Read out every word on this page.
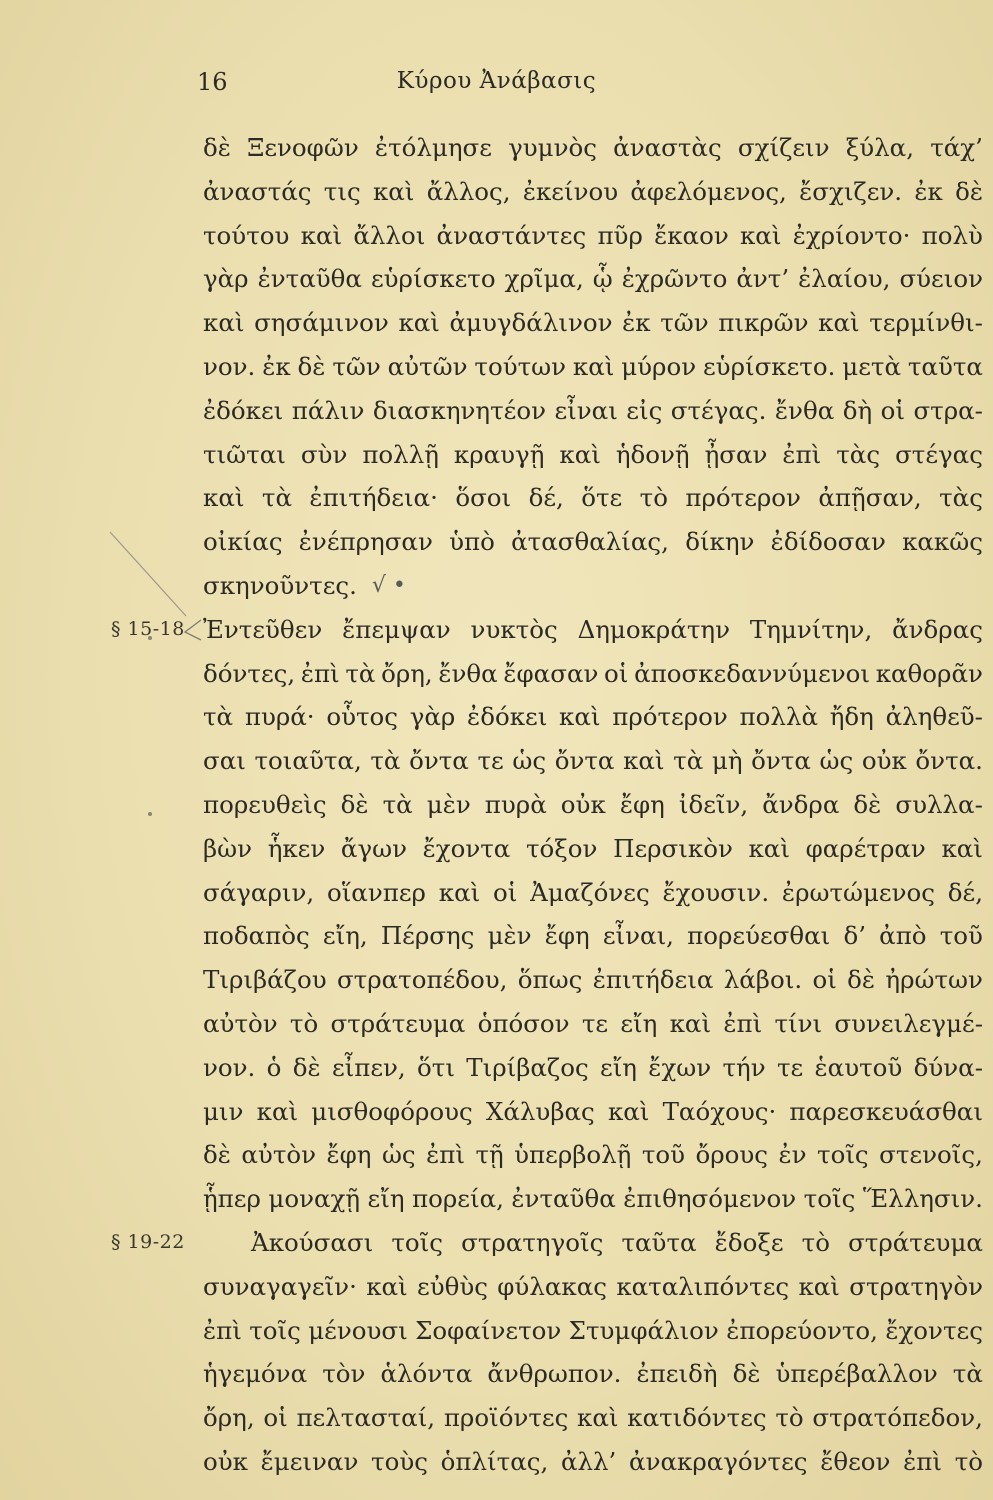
16	Κύρου Ἀνάβασις
δὲ Ξενοφῶν ἐτόλμησε γυμνὸς ἀναστὰς σχίζειν ξύλα, τάχ’
ἀναστάς τις καὶ ἄλλος, ἐκείνου ἀφελόμενος, ἔσχιζεν. ἐκ δὲ
τούτου καὶ ἄλλοι ἀναστάντες πῦρ ἔκαον καὶ ἐχρίοντο· πολὺ
γὰρ ἐνταῦθα εὑρίσκετο χρῖμα, ᾧ ἐχρῶντο ἀντ’ ἐλαίου, σύειον
καὶ σησάμινον καὶ ἀμυγδάλινον ἐκ τῶν πικρῶν καὶ τερμίνθι-
νον. ἐκ δὲ τῶν αὐτῶν τούτων καὶ μύρον εὑρίσκετο. μετὰ ταῦτα
ἐδόκει πάλιν διασκηνητέον εἶναι εἰς στέγας. ἔνθα δὴ οἱ στρα-
τιῶται σὺν πολλῇ κραυγῇ καὶ ἡδονῇ ᾖσαν ἐπὶ τὰς στέγας
καὶ τὰ ἐπιτήδεια· ὅσοι δέ, ὅτε τὸ πρότερον ἀπῇσαν, τὰς
οἰκίας ἐνέπρησαν ὑπὸ ἀτασθαλίας, δίκην ἐδίδοσαν κακῶς
σκηνοῦντες. √ •
§ 15-18 Ἐντεῦθεν ἔπεμψαν νυκτὸς Δημοκράτην Τημνίτην, ἄνδρας
δόντες, ἐπὶ τὰ ὄρη, ἔνθα ἔφασαν οἱ ἀποσκεδαννύμενοι καθορᾶν
τὰ πυρά· οὗτος γὰρ ἐδόκει καὶ πρότερον πολλὰ ἤδη ἀληθεῦ-
σαι τοιαῦτα, τὰ ὄντα τε ὡς ὄντα καὶ τὰ μὴ ὄντα ὡς οὐκ ὄντα.
πορευθεὶς δὲ τὰ μὲν πυρὰ οὐκ ἔφη ἰδεῖν, ἄνδρα δὲ συλλα-
βὼν ἧκεν ἄγων ἔχοντα τόξον Περσικὸν καὶ φαρέτραν καὶ
σάγαριν, οἵανπερ καὶ οἱ Ἀμαζόνες ἔχουσιν. ἐρωτώμενος δέ,
ποδαπὸς εἴη, Πέρσης μὲν ἔφη εἶναι, πορεύεσθαι δ’ ἀπὸ τοῦ
Τιριβάζου στρατοπέδου, ὅπως ἐπιτήδεια λάβοι. οἱ δὲ ἠρώτων
αὐτὸν τὸ στράτευμα ὁπόσον τε εἴη καὶ ἐπὶ τίνι συνειλεγμέ-
νον. ὁ δὲ εἶπεν, ὅτι Τιρίβαζος εἴη ἔχων τήν τε ἑαυτοῦ δύνα-
μιν καὶ μισθοφόρους Χάλυβας καὶ Ταόχους· παρεσκευάσθαι
δὲ αὐτὸν ἔφη ὡς ἐπὶ τῇ ὑπερβολῇ τοῦ ὄρους ἐν τοῖς στενοῖς,
ᾗπερ μοναχῇ εἴη πορεία, ἐνταῦθα ἐπιθησόμενον τοῖς Ἕλλησιν.
§ 19-22	Ἀκούσασι τοῖς στρατηγοῖς ταῦτα ἔδοξε τὸ στράτευμα
συναγαγεῖν· καὶ εὐθὺς φύλακας καταλιπόντες καὶ στρατηγὸν
ἐπὶ τοῖς μένουσι Σοφαίνετον Στυμφάλιον ἐπορεύοντο, ἔχοντες
ἡγεμόνα τὸν ἁλόντα ἄνθρωπον. ἐπειδὴ δὲ ὑπερέβαλλον τὰ
ὄρη, οἱ πελτασταί, προϊόντες καὶ κατιδόντες τὸ στρατόπεδον,
οὐκ ἔμειναν τοὺς ὁπλίτας, ἀλλ’ ἀνακραγόντες ἔθεον ἐπὶ τὸ
